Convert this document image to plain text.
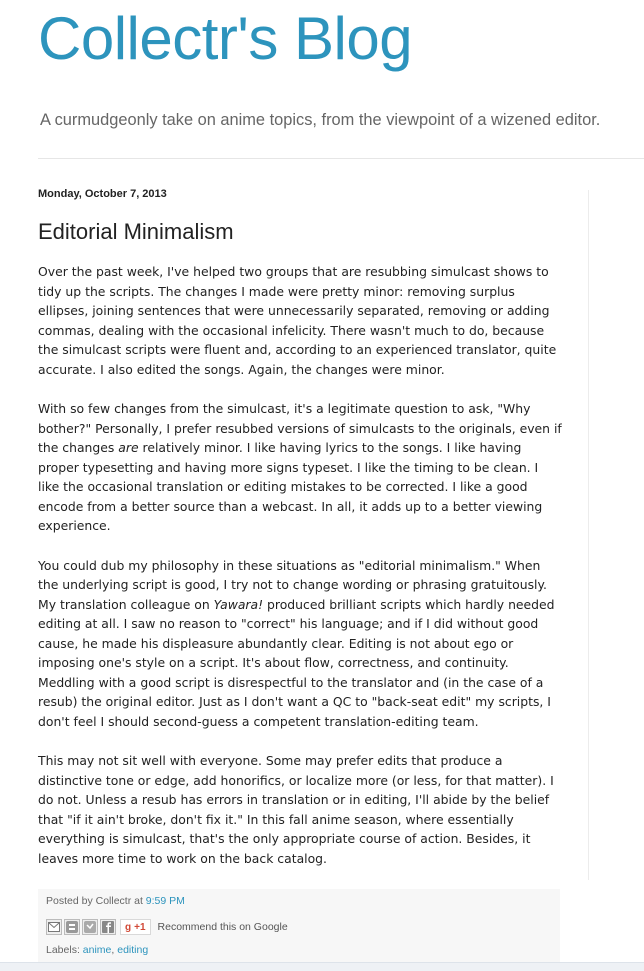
Collectr's Blog
A curmudgeonly take on anime topics, from the viewpoint of a wizened editor.
Monday, October 7, 2013
Editorial Minimalism

Over the past week, I've helped two groups that are resubbing simulcast shows to tidy up the scripts. The changes I made were pretty minor: removing surplus ellipses, joining sentences that were unnecessarily separated, removing or adding commas, dealing with the occasional infelicity. There wasn't much to do, because the simulcast scripts were fluent and, according to an experienced translator, quite accurate. I also edited the songs. Again, the changes were minor.

With so few changes from the simulcast, it's a legitimate question to ask, "Why bother?" Personally, I prefer resubbed versions of simulcasts to the originals, even if the changes are relatively minor. I like having lyrics to the songs. I like having proper typesetting and having more signs typeset. I like the timing to be clean. I like the occasional translation or editing mistakes to be corrected. I like a good encode from a better source than a webcast. In all, it adds up to a better viewing experience.

You could dub my philosophy in these situations as "editorial minimalism." When the underlying script is good, I try not to change wording or phrasing gratuitously. My translation colleague on Yawara! produced brilliant scripts which hardly needed editing at all. I saw no reason to "correct" his language; and if I did without good cause, he made his displeasure abundantly clear. Editing is not about ego or imposing one's style on a script. It's about flow, correctness, and continuity. Meddling with a good script is disrespectful to the translator and (in the case of a resub) the original editor. Just as I don't want a QC to "back-seat edit" my scripts, I don't feel I should second-guess a competent translation-editing team.

This may not sit well with everyone. Some may prefer edits that produce a distinctive tone or edge, add honorifics, or localize more (or less, for that matter). I do not. Unless a resub has errors in translation or in editing, I'll abide by the belief that "if it ain't broke, don't fix it." In this fall anime season, where essentially everything is simulcast, that's the only appropriate course of action. Besides, it leaves more time to work on the back catalog.

Posted by Collectr at 9:59 PM
g +1 Recommend this on Google
Labels: anime, editing
